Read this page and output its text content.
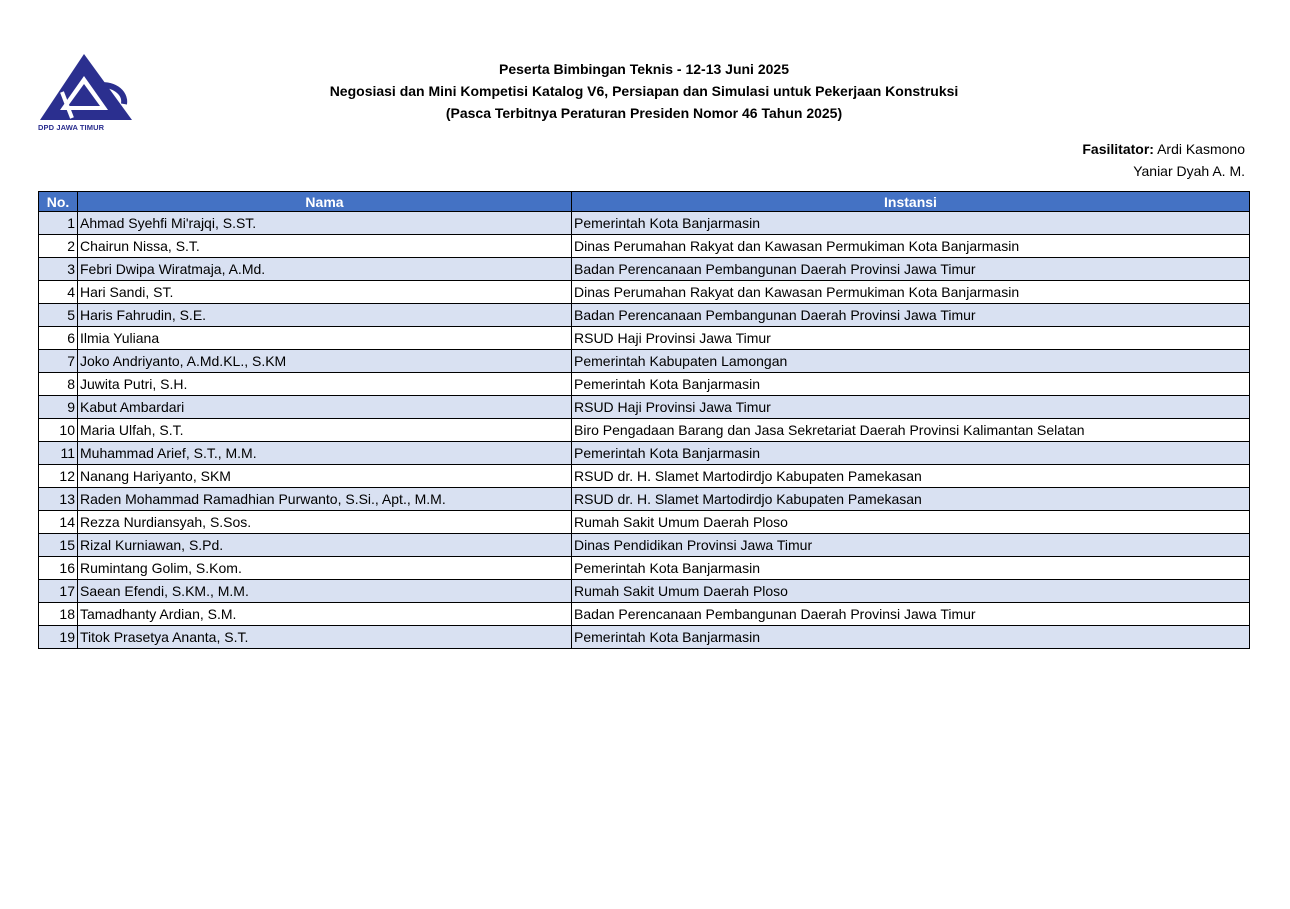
DPD JAWA TIMUR
Peserta Bimbingan Teknis - 12-13 Juni 2025
Negosiasi dan Mini Kompetisi Katalog V6, Persiapan dan Simulasi untuk Pekerjaan Konstruksi
(Pasca Terbitnya Peraturan Presiden Nomor 46 Tahun 2025)
Fasilitator: Ardi Kasmono
Yaniar Dyah A. M.
No.	Nama	Instansi
1	Ahmad Syehfi Mi'rajqi, S.ST.	Pemerintah Kota Banjarmasin
2	Chairun Nissa, S.T.	Dinas Perumahan Rakyat dan Kawasan Permukiman Kota Banjarmasin
3	Febri Dwipa Wiratmaja, A.Md.	Badan Perencanaan Pembangunan Daerah Provinsi Jawa Timur
4	Hari Sandi, ST.	Dinas Perumahan Rakyat dan Kawasan Permukiman Kota Banjarmasin
5	Haris Fahrudin, S.E.	Badan Perencanaan Pembangunan Daerah Provinsi Jawa Timur
6	Ilmia Yuliana	RSUD Haji Provinsi Jawa Timur
7	Joko Andriyanto, A.Md.KL., S.KM	Pemerintah Kabupaten Lamongan
8	Juwita Putri, S.H.	Pemerintah Kota Banjarmasin
9	Kabut Ambardari	RSUD Haji Provinsi Jawa Timur
10	Maria Ulfah, S.T.	Biro Pengadaan Barang dan Jasa Sekretariat Daerah Provinsi Kalimantan Selatan
11	Muhammad Arief, S.T., M.M.	Pemerintah Kota Banjarmasin
12	Nanang Hariyanto, SKM	RSUD dr. H. Slamet Martodirdjo Kabupaten Pamekasan
13	Raden Mohammad Ramadhian Purwanto, S.Si., Apt., M.M.	RSUD dr. H. Slamet Martodirdjo Kabupaten Pamekasan
14	Rezza Nurdiansyah, S.Sos.	Rumah Sakit Umum Daerah Ploso
15	Rizal Kurniawan, S.Pd.	Dinas Pendidikan Provinsi Jawa Timur
16	Rumintang Golim, S.Kom.	Pemerintah Kota Banjarmasin
17	Saean Efendi, S.KM., M.M.	Rumah Sakit Umum Daerah Ploso
18	Tamadhanty Ardian, S.M.	Badan Perencanaan Pembangunan Daerah Provinsi Jawa Timur
19	Titok Prasetya Ananta, S.T.	Pemerintah Kota Banjarmasin
